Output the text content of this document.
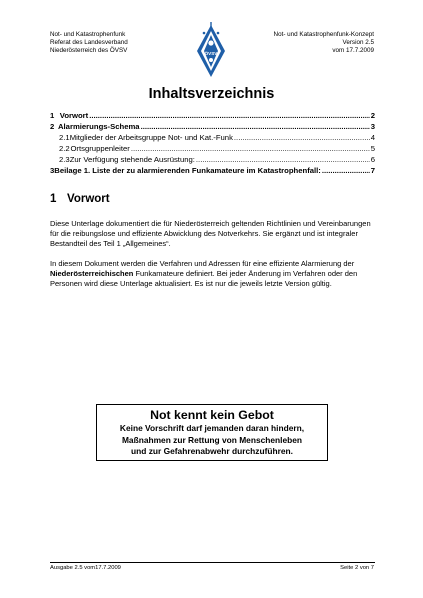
Not- und Katastrophenfunk
Referat des Landesverband
Niederösterreich des ÖVSV	ÖVSV
Not- und Katastrophenfunk-Konzept
Version 2.5
vom 17.7.2009
Inhaltsverzeichnis
1 Vorwort .....	2
2 Alarmierungs-Schema .....	3
2.1 Mitglieder der Arbeitsgruppe Not- und Kat.-Funk .....	4
2.2 Ortsgruppenleiter .....	5
2.3 Zur Verfügung stehende Ausrüstung: .....	6
3 Beilage 1. Liste der zu alarmierenden Funkamateure im Katastrophenfall: .....	7
1 Vorwort
Diese Unterlage dokumentiert die für Niederösterreich geltenden Richtlinien und Vereinbarungen für die reibungslose und effiziente Abwicklung des Notverkehrs. Sie ergänzt und ist integraler Bestandteil des Teil 1 „Allgemeines“.
In diesem Dokument werden die Verfahren und Adressen für eine effiziente Alarmierung der Niederösterreichischen Funkamateure definiert. Bei jeder Änderung im Verfahren oder den Personen wird diese Unterlage aktualisiert. Es ist nur die jeweils letzte Version gültig.
Not kennt kein Gebot
Keine Vorschrift darf jemanden daran hindern,
Maßnahmen zur Rettung von Menschenleben
und zur Gefahrenabwehr durchzuführen.
Ausgabe 2.5 vom17.7.2009	Seite 2 von 7
